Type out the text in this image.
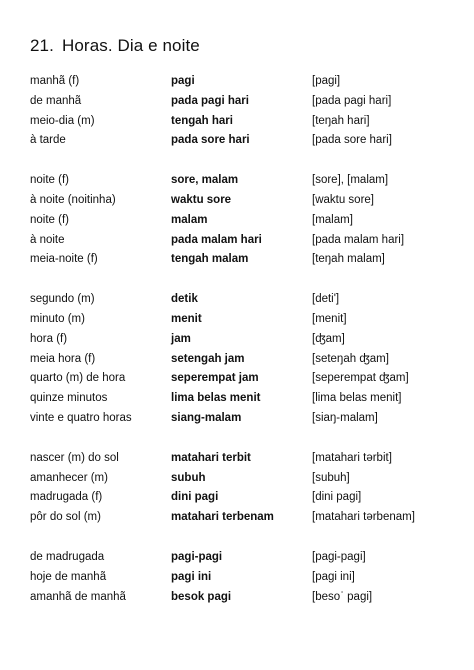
21. Horas. Dia e noite
manhã (f)	pagi	[pagi]
de manhã	pada pagi hari	[pada pagi hari]
meio-dia (m)	tengah hari	[teŋah hari]
à tarde	pada sore hari	[pada sore hari]
noite (f)	sore, malam	[sore], [malam]
à noite (noitinha)	waktu sore	[waktu sore]
noite (f)	malam	[malam]
à noite	pada malam hari	[pada malam hari]
meia-noite (f)	tengah malam	[teŋah malam]
segundo (m)	detik	[deti']
minuto (m)	menit	[menit]
hora (f)	jam	[ʤam]
meia hora (f)	setengah jam	[seteŋah ʤam]
quarto (m) de hora	seperempat jam	[seperempat ʤam]
quinze minutos	lima belas menit	[lima belas menit]
vinte e quatro horas	siang-malam	[siaŋ-malam]
nascer (m) do sol	matahari terbit	[matahari tərbit]
amanhecer (m)	subuh	[subuh]
madrugada (f)	dini pagi	[dini pagi]
pôr do sol (m)	matahari terbenam	[matahari tərbenam]
de madrugada	pagi-pagi	[pagi-pagi]
hoje de manhã	pagi ini	[pagi ini]
amanhã de manhã	besok pagi	[besoʾ pagi]
